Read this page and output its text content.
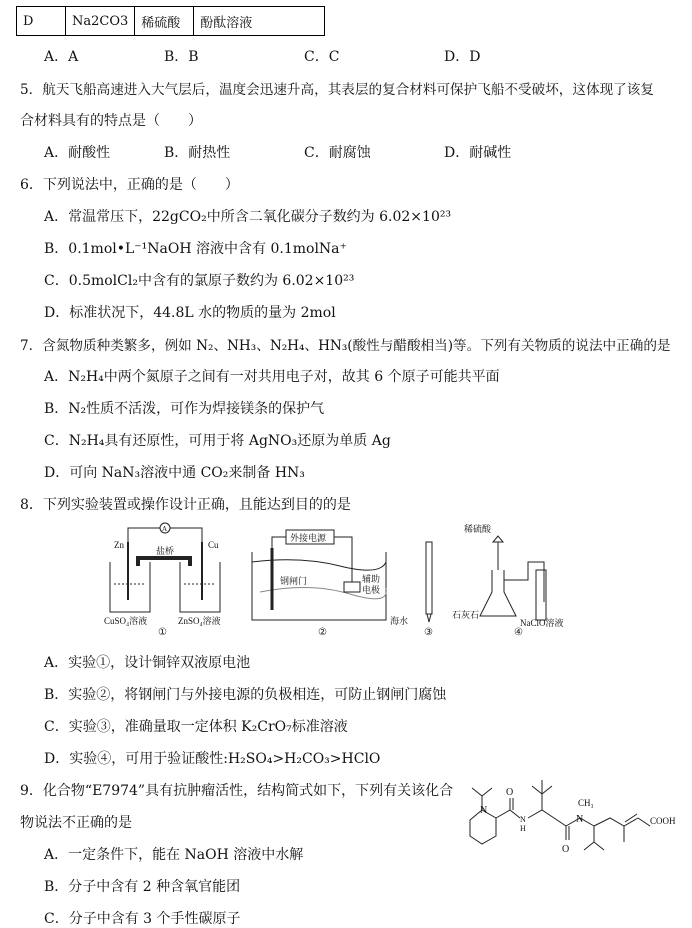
D	Na2CO3	稀硫酸	酚酞溶液
A．A	B．B	C．C	D．D
5．航天飞船高速进入大气层后，温度会迅速升高，其表层的复合材料可保护飞船不受破坏，这体现了该复
合材料具有的特点是（　　）
A．耐酸性	B．耐热性	C．耐腐蚀	D．耐碱性
6．下列说法中，正确的是（　　）
A．常温常压下，22gCO₂中所含二氧化碳分子数约为 6.02×10²³
B．0.1mol•L⁻¹NaOH 溶液中含有 0.1molNa⁺
C．0.5molCl₂中含有的氯原子数约为 6.02×10²³
D．标准状况下，44.8L 水的物质的量为 2mol
7．含氮物质种类繁多，例如 N₂、NH₃、N₂H₄、HN₃(酸性与醋酸相当)等。下列有关物质的说法中正确的是
A．N₂H₄中两个氮原子之间有一对共用电子对，故其 6 个原子可能共平面
B．N₂性质不活泼，可作为焊接镁条的保护气
C．N₂H₄具有还原性，可用于将 AgNO₃还原为单质 Ag
D．可向 NaN₃溶液中通 CO₂来制备 HN₃
8．下列实验装置或操作设计正确，且能达到目的的是
Zn	Cu
A
盐桥
CuSO₄溶液	ZnSO₄溶液
①
外接电源
钢闸门	辅助
电极
海水
②	③
稀硫酸
石灰石
NaClO溶液
④
A．实验①，设计铜锌双液原电池
B．实验②，将钢闸门与外接电源的负极相连，可防止钢闸门腐蚀
C．实验③，准确量取一定体积 K₂CrO₇标准溶液
D．实验④，可用于验证酸性:H₂SO₄>H₂CO₃>HClO
9．化合物“E7974”具有抗肿瘤活性，结构简式如下，下列有关该化合
物说法不正确的是
A．一定条件下，能在 NaOH 溶液中水解
B．分子中含有 2 种含氧官能团
C．分子中含有 3 个手性碳原子
N
O
N
H
O
N
CH₃
COOH
